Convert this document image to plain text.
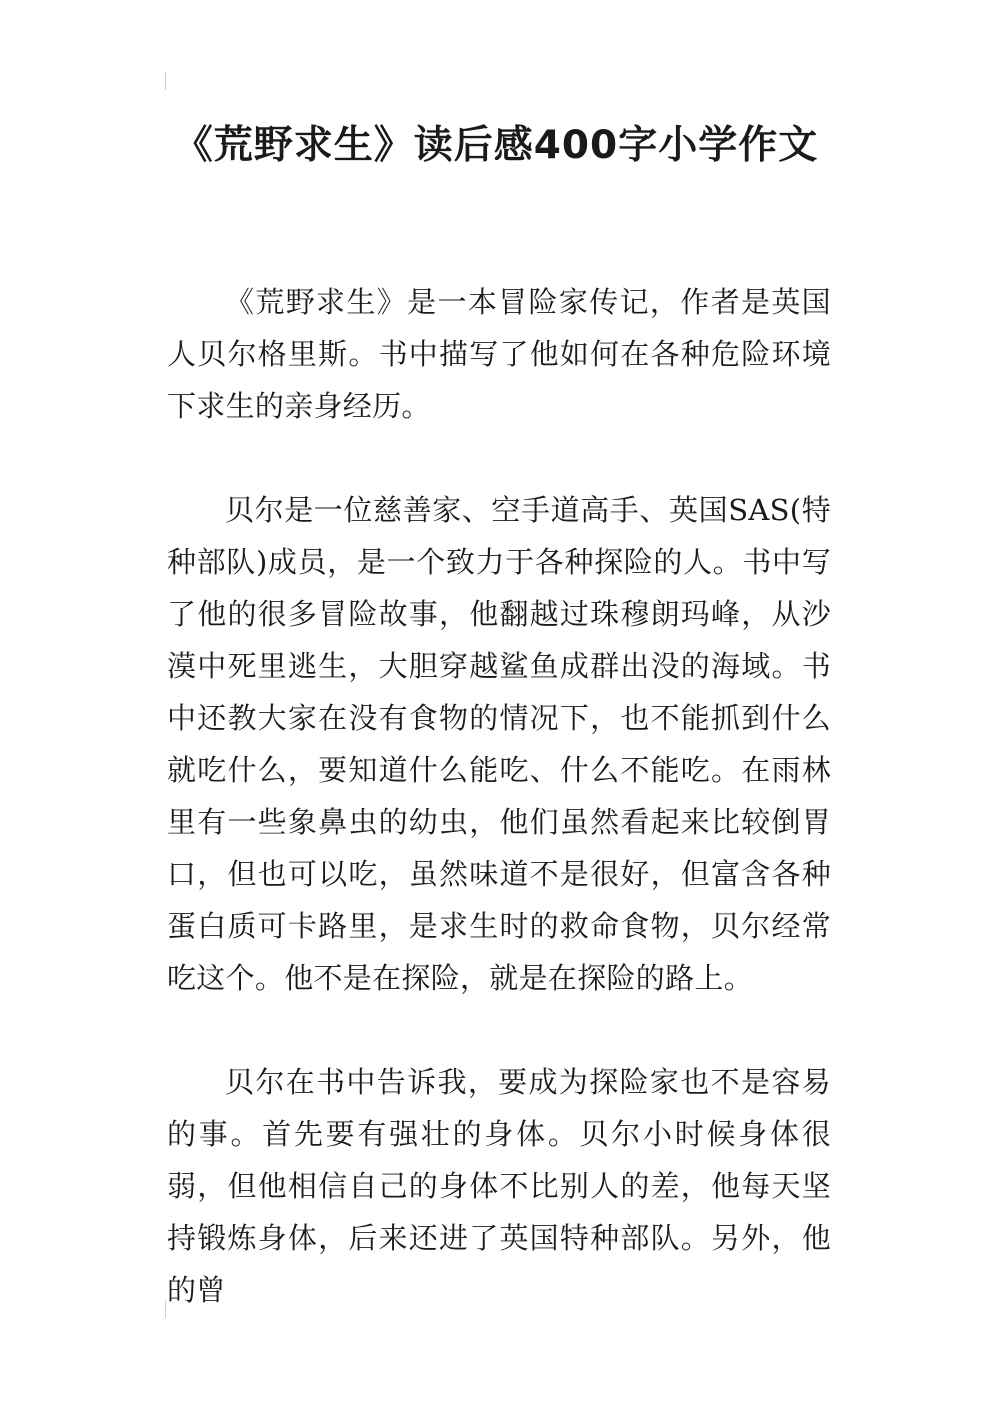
《荒野求生》读后感400字小学作文

《荒野求生》是一本冒险家传记，作者是英国人贝尔格里斯。书中描写了他如何在各种危险环境下求生的亲身经历。

贝尔是一位慈善家、空手道高手、英国SAS(特种部队)成员，是一个致力于各种探险的人。书中写了他的很多冒险故事，他翻越过珠穆朗玛峰，从沙漠中死里逃生，大胆穿越鲨鱼成群出没的海域。书中还教大家在没有食物的情况下，也不能抓到什么就吃什么，要知道什么能吃、什么不能吃。在雨林里有一些象鼻虫的幼虫，他们虽然看起来比较倒胃口，但也可以吃，虽然味道不是很好，但富含各种蛋白质可卡路里，是求生时的救命食物，贝尔经常吃这个。他不是在探险，就是在探险的路上。

贝尔在书中告诉我，要成为探险家也不是容易的事。首先要有强壮的身体。贝尔小时候身体很弱，但他相信自己的身体不比别人的差，他每天坚持锻炼身体，后来还进了英国特种部队。另外，他的曾
